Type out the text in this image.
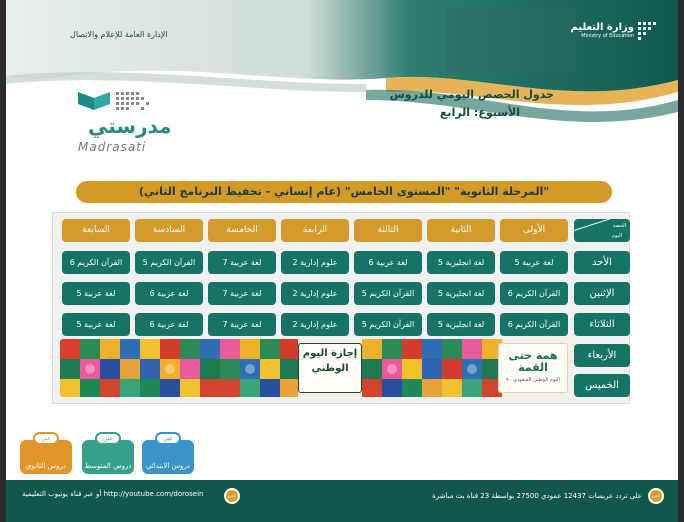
الإدارة العامة للإعلام والاتصال
وزارة التعليم
Ministry of Education
جدول الحصص اليومي للدروس
الأسبوع: الرابع
مدرستي
Madrasati
"المرحلة الثانوية" "المستوى الخامس" (عام إنساني - تحفيظ البرنامج الثاني)
الحصة
اليوم
الأولى
الثانية
الثالثة
الرابعة
الخامسة
السادسة
السابعة
الأحد
الإثنين
الثلاثاء
الأربعاء
الخميس
لغة عربية 5
لغة انجليزية 5
لغة عربية 6
علوم إدارية 2
لغة عربية 7
القرآن الكريم 5
القرآن الكريم 6
القرآن الكريم 6
لغة انجليزية 5
القرآن الكريم 5
علوم إدارية 2
لغة عربية 7
لغة عربية 6
لغة عربية 5
القرآن الكريم 6
لغة انجليزية 5
القرآن الكريم 5
علوم إدارية 2
لغة عربية 7
لغة عربية 6
لغة عربية 5
إجازة اليوم الوطني
همة حتى القمة
اليوم الوطني السعودي ٩٠
عين
دروس الابتدائي
عين
دروس المتوسط
عين
دروس الثانوي
عين
على تردد عربسات 12437 عمودي 27500 بواسطة 23 قناة بث مباشرة
عين
http://youtube.com/dorosein أو عبر قناة يوتيوب التعليمية
